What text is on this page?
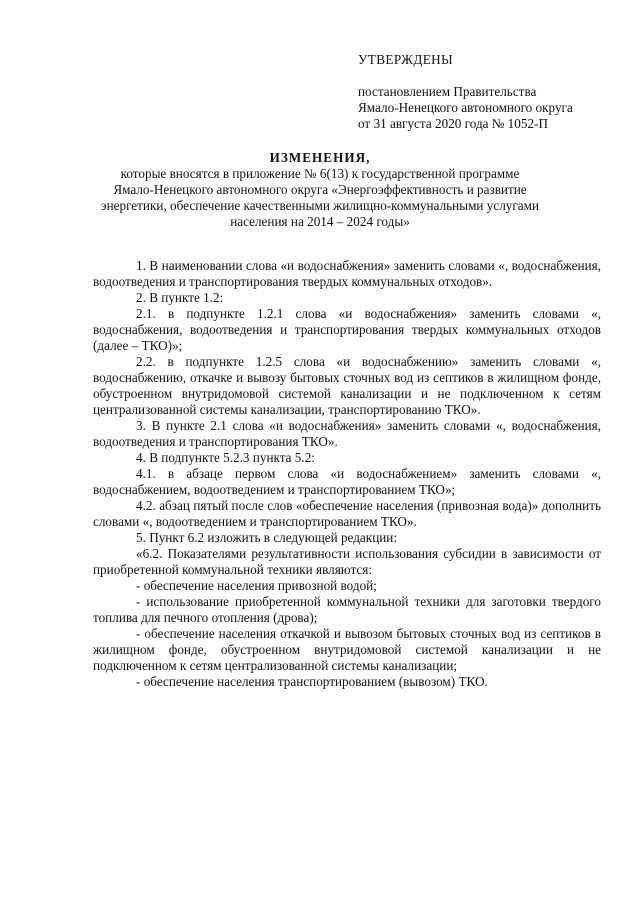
УТВЕРЖДЕНЫ
постановлением Правительства
Ямало-Ненецкого автономного округа
от 31 августа 2020 года № 1052-П
ИЗМЕНЕНИЯ,
которые вносятся в приложение № 6(13) к государственной программе
Ямало-Ненецкого автономного округа «Энергоэффективность и развитие
энергетики, обеспечение качественными жилищно-коммунальными услугами
населения на 2014 – 2024 годы»

1. В наименовании слова «и водоснабжения» заменить словами «, водоснабжения, водоотведения и транспортирования твердых коммунальных отходов».

2. В пункте 1.2:

2.1. в подпункте 1.2.1 слова «и водоснабжения» заменить словами «, водоснабжения, водоотведения и транспортирования твердых коммунальных отходов (далее – ТКО)»;

2.2. в подпункте 1.2.5 слова «и водоснабжению» заменить словами «, водоснабжению, откачке и вывозу бытовых сточных вод из септиков в жилищном фонде, обустроенном внутридомовой системой канализации и не подключенном к сетям централизованной системы канализации, транспортированию ТКО».

3. В пункте 2.1 слова «и водоснабжения» заменить словами «, водоснабжения, водоотведения и транспортирования ТКО».

4. В подпункте 5.2.3 пункта 5.2:

4.1. в абзаце первом слова «и водоснабжением» заменить словами «, водоснабжением, водоотведением и транспортированием ТКО»;

4.2. абзац пятый после слов «обеспечение населения (привозная вода)» дополнить словами «, водоотведением и транспортированием ТКО».

5. Пункт 6.2 изложить в следующей редакции:

«6.2. Показателями результативности использования субсидии в зависимости от приобретенной коммунальной техники являются:

- обеспечение населения привозной водой;

- использование приобретенной коммунальной техники для заготовки твердого топлива для печного отопления (дрова);

- обеспечение населения откачкой и вывозом бытовых сточных вод из септиков в жилищном фонде, обустроенном внутридомовой системой канализации и не подключенном к сетям централизованной системы канализации;

- обеспечение населения транспортированием (вывозом) ТКО.
